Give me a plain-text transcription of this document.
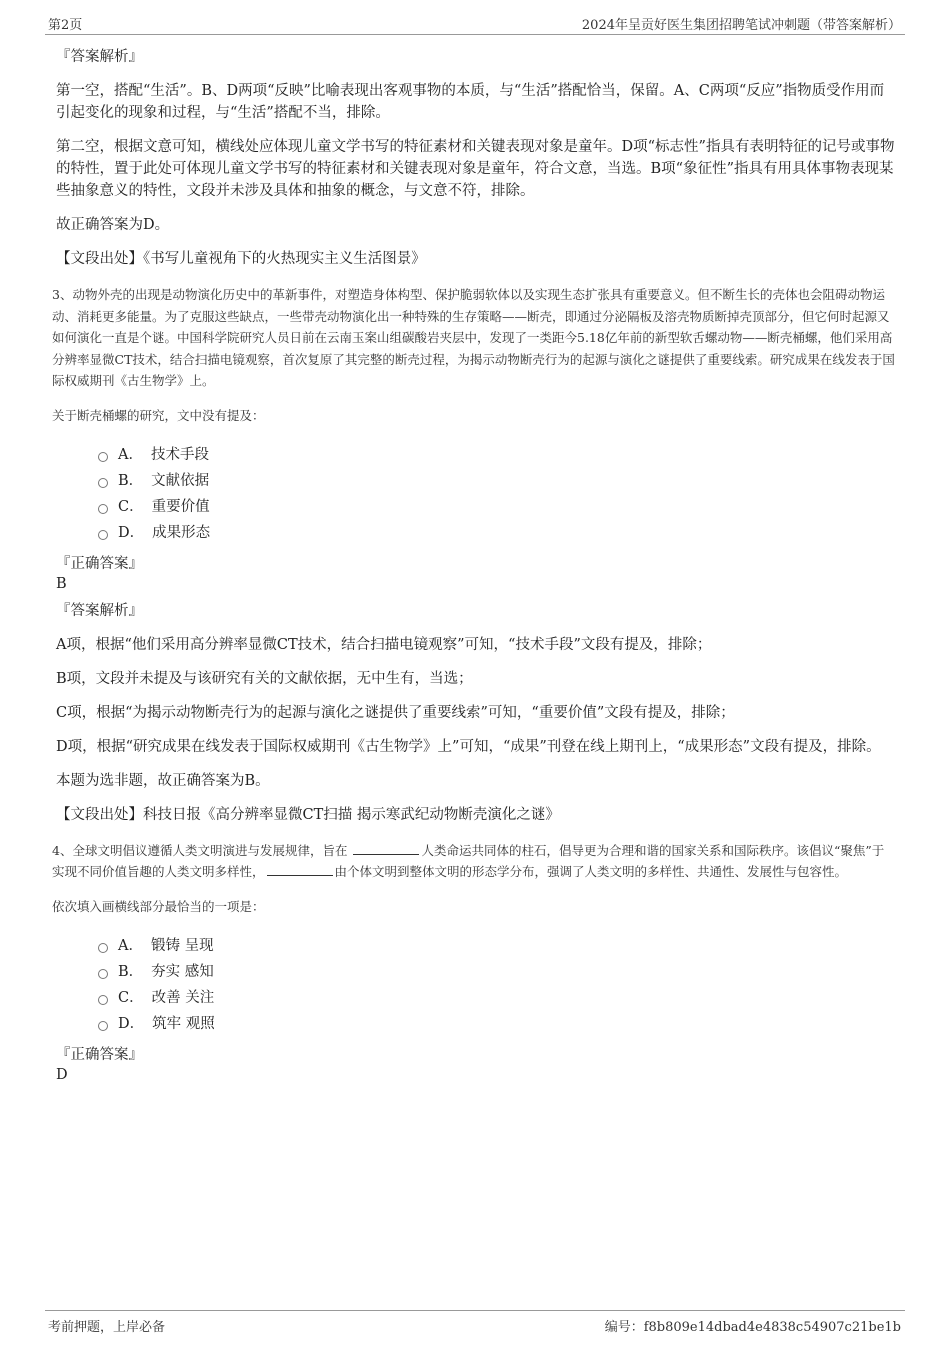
第2页	2024年呈贡好医生集团招聘笔试冲刺题（带答案解析）

『答案解析』

第一空，搭配“生活”。B、D两项“反映”比喻表现出客观事物的本质，与“生活”搭配恰当，保留。A、C两项“反应”指物质受作用而引起变化的现象和过程，与“生活”搭配不当，排除。

第二空，根据文意可知，横线处应体现儿童文学书写的特征素材和关键表现对象是童年。D项“标志性”指具有表明特征的记号或事物的特性，置于此处可体现儿童文学书写的特征素材和关键表现对象是童年，符合文意，当选。B项“象征性”指具有用具体事物表现某些抽象意义的特性，文段并未涉及具体和抽象的概念，与文意不符，排除。

故正确答案为D。

【文段出处】《书写儿童视角下的火热现实主义生活图景》

3、动物外壳的出现是动物演化历史中的革新事件，对塑造身体构型、保护脆弱软体以及实现生态扩张具有重要意义。但不断生长的壳体也会阻碍动物运动、消耗更多能量。为了克服这些缺点，一些带壳动物演化出一种特殊的生存策略——断壳，即通过分泌隔板及溶壳物质断掉壳顶部分，但它何时起源又如何演化一直是个谜。中国科学院研究人员日前在云南玉案山组碳酸岩夹层中，发现了一类距今5.18亿年前的新型软舌螺动物——断壳桶螺，他们采用高分辨率显微CT技术，结合扫描电镜观察，首次复原了其完整的断壳过程，为揭示动物断壳行为的起源与演化之谜提供了重要线索。研究成果在线发表于国际权威期刊《古生物学》上。

关于断壳桶螺的研究，文中没有提及：

A． 技术手段
B． 文献依据
C． 重要价值
D． 成果形态

『正确答案』

B

『答案解析』

A项，根据“他们采用高分辨率显微CT技术，结合扫描电镜观察”可知，“技术手段”文段有提及，排除；

B项，文段并未提及与该研究有关的文献依据，无中生有，当选；

C项，根据“为揭示动物断壳行为的起源与演化之谜提供了重要线索”可知，“重要价值”文段有提及，排除；

D项，根据“研究成果在线发表于国际权威期刊《古生物学》上”可知，“成果”刊登在线上期刊上，“成果形态”文段有提及，排除。

本题为选非题，故正确答案为B。

【文段出处】科技日报《高分辨率显微CT扫描 揭示寒武纪动物断壳演化之谜》

4、全球文明倡议遵循人类文明演进与发展规律，旨在	人类命运共同体的柱石，倡导更为合理和谐的国家关系和国际秩序。该倡议“聚焦”于实现不同价值旨趣的人类文明多样性，	由个体文明到整体文明的形态学分布，强调了人类文明的多样性、共通性、发展性与包容性。

依次填入画横线部分最恰当的一项是：

A． 锻铸 呈现
B． 夯实 感知
C． 改善 关注
D． 筑牢 观照

『正确答案』

D

考前押题，上岸必备	编号：f8b809e14dbad4e4838c54907c21be1b
